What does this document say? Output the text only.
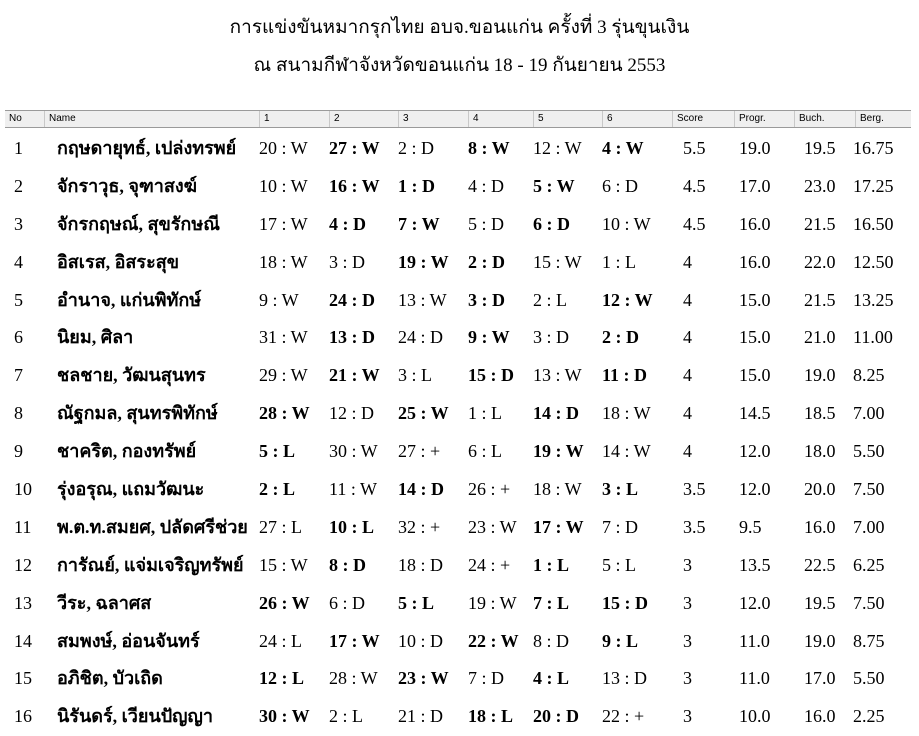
การแข่งขันหมากรุกไทย อบจ.ขอนแก่น ครั้งที่ 3 รุ่นขุนเงิน
ณ สนามกีฬาจังหวัดขอนแก่น 18 - 19 กันยายน 2553
No	Name	1	2	3	4	5	6	Score	Progr.	Buch.	Berg.
1 กฤษดายุทธ์, เปล่งทรพย์ 20 : W 27 : W 2 : D 8 : W 12 : W 4 : W 5.5 19.0 19.5 16.75
2 จักราวุธ, จุฑาสงฆ์	10 : W 16 : W 1 : D 4 : D 5 : W 6 : D	4.5 17.0 23.0 17.25
3 จักรกฤษณ์, สุขรักษณี 17 : W 4 : D 7 : W 5 : D 6 : D 10 : W 4.5 16.0 21.5 16.50
4 อิสเรส, อิสระสุข	18 : W 3 : D 19 : W 2 : D 15 : W 1 : L	4	16.0 22.0 12.50
5 อำนาจ, แก่นพิทักษ์	9 : W 24 : D 13 : W 3 : D 2 : L 12 : W 4	15.0 21.5 13.25
6 นิยม, ศิลา	31 : W 13 : D 24 : D 9 : W 3 : D 2 : D 4	15.0 21.0 11.00
7 ชลชาย, วัฒนสุนทร	29 : W 21 : W 3 : L 15 : D 13 : W 11 : D 4	15.0 19.0 8.25
8 ณัฐกมล, สุนทรพิทักษ์ 28 : W 12 : D 25 : W 1 : L 14 : D 18 : W 4	14.5 18.5 7.00
9 ชาคริต, กองทรัพย์	5 : L 30 : W 27 : + 6 : L 19 : W 14 : W 4	12.0 18.0 5.50
10 รุ่งอรุณ, แถมวัฒนะ	2 : L 11 : W 14 : D 26 : + 18 : W 3 : L	3.5 12.0 20.0 7.50
11 พ.ต.ท.สมยศ, ปลัดศรีช่วย 27 : L 10 : L 32 : + 23 : W 17 : W 7 : D	3.5 9.5 16.0 7.00
12 การัณย์, แจ่มเจริญทรัพย์ 15 : W 8 : D 18 : D 24 : + 1 : L 5 : L	3	13.5 22.5 6.25
13 วีระ, ฉลาศส	26 : W 6 : D 5 : L 19 : W 7 : L 15 : D 3	12.0 19.5 7.50
14 สมพงษ์, อ่อนจันทร์	24 : L 17 : W 10 : D 22 : W 8 : D 9 : L	3	11.0 19.0 8.75
15 อภิชิต, บัวเถิด	12 : L 28 : W 23 : W 7 : D 4 : L 13 : D 3	11.0 17.0 5.50
16 นิรันดร์, เวียนปัญญา	30 : W 2 : L 21 : D 18 : L 20 : D 22 : + 3	10.0 16.0 2.25
